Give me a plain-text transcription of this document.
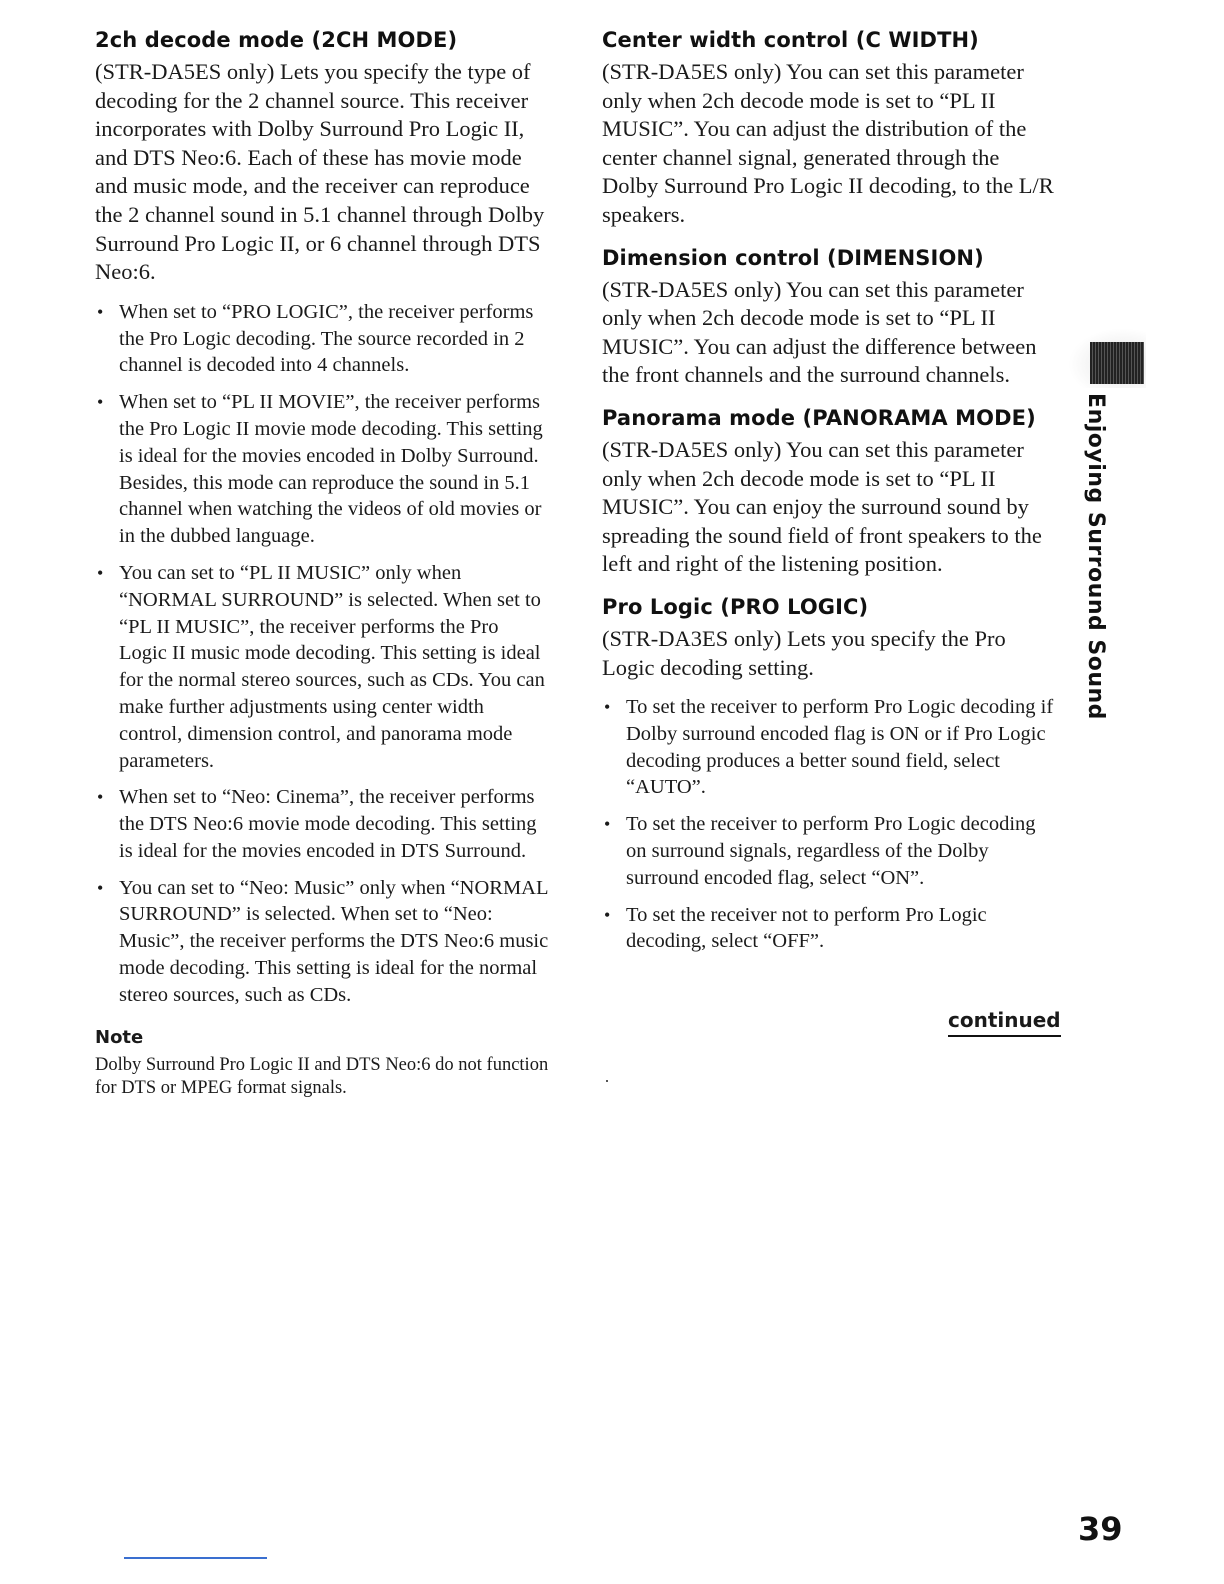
2ch decode mode (2CH MODE)

(STR-DA5ES only) Lets you specify the type of decoding for the 2 channel source. This receiver incorporates with Dolby Surround Pro Logic II, and DTS Neo:6. Each of these has movie mode and music mode, and the receiver can reproduce the 2 channel sound in 5.1 channel through Dolby Surround Pro Logic II, or 6 channel through DTS Neo:6.

• When set to “PRO LOGIC”, the receiver performs the Pro Logic decoding. The source recorded in 2 channel is decoded into 4 channels.
• When set to “PL II MOVIE”, the receiver performs the Pro Logic II movie mode decoding. This setting is ideal for the movies encoded in Dolby Surround. Besides, this mode can reproduce the sound in 5.1 channel when watching the videos of old movies or in the dubbed language.
• You can set to “PL II MUSIC” only when “NORMAL SURROUND” is selected. When set to “PL II MUSIC”, the receiver performs the Pro Logic II music mode decoding. This setting is ideal for the normal stereo sources, such as CDs. You can make further adjustments using center width control, dimension control, and panorama mode parameters.
• When set to “Neo: Cinema”, the receiver performs the DTS Neo:6 movie mode decoding. This setting is ideal for the movies encoded in DTS Surround.
• You can set to “Neo: Music” only when “NORMAL SURROUND” is selected. When set to “Neo: Music”, the receiver performs the DTS Neo:6 music mode decoding. This setting is ideal for the normal stereo sources, such as CDs.
Note

Dolby Surround Pro Logic II and DTS Neo:6 do not function for DTS or MPEG format signals.

Center width control (C WIDTH)

(STR-DA5ES only) You can set this parameter only when 2ch decode mode is set to “PL II MUSIC”. You can adjust the distribution of the center channel signal, generated through the Dolby Surround Pro Logic II decoding, to the L/R speakers.

Dimension control (DIMENSION)

(STR-DA5ES only) You can set this parameter only when 2ch decode mode is set to “PL II MUSIC”. You can adjust the difference between the front channels and the surround channels.

Panorama mode (PANORAMA MODE)

(STR-DA5ES only) You can set this parameter only when 2ch decode mode is set to “PL II MUSIC”. You can enjoy the surround sound by spreading the sound field of front speakers to the left and right of the listening position.

Pro Logic (PRO LOGIC)

(STR-DA3ES only) Lets you specify the Pro Logic decoding setting.

• To set the receiver to perform Pro Logic decoding if Dolby surround encoded flag is ON or if Pro Logic decoding produces a better sound field, select “AUTO”.
• To set the receiver to perform Pro Logic decoding on surround signals, regardless of the Dolby surround encoded flag, select “ON”.
• To set the receiver not to perform Pro Logic decoding, select “OFF”.
continued
Enjoying Surround Sound
39
